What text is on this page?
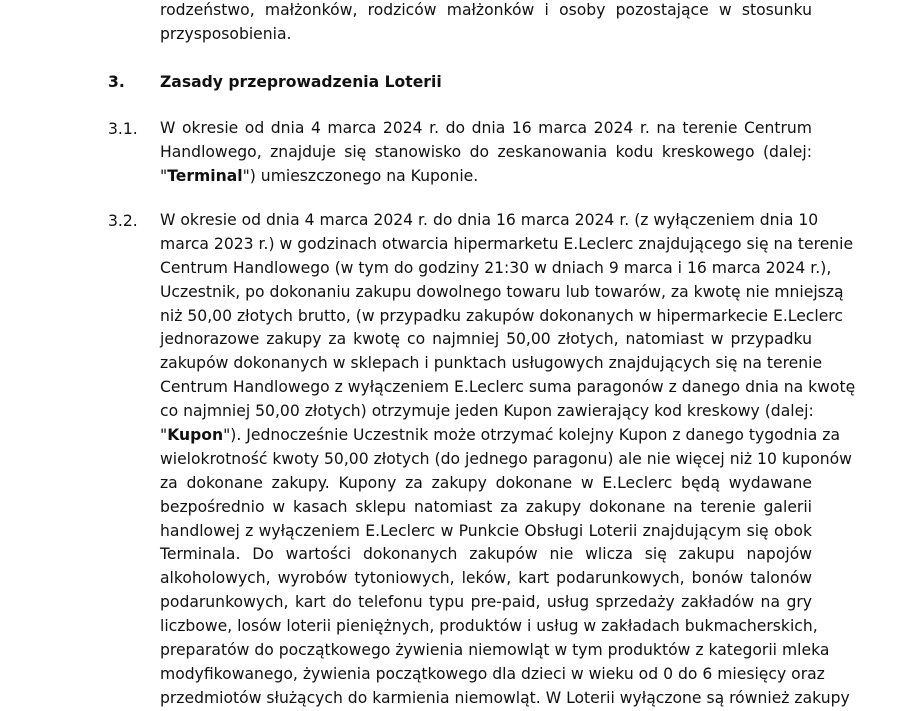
rodzeństwo, małżonków, rodziców małżonków i osoby pozostające w stosunku
przysposobienia.
3. Zasady przeprowadzenia Loterii
3.1. W okresie od dnia 4 marca 2024 r. do dnia 16 marca 2024 r. na terenie Centrum
Handlowego, znajduje się stanowisko do zeskanowania kodu kreskowego (dalej:
"Terminal") umieszczonego na Kuponie.
3.2. W okresie od dnia 4 marca 2024 r. do dnia 16 marca 2024 r. (z wyłączeniem dnia 10
marca 2023 r.) w godzinach otwarcia hipermarketu E.Leclerc znajdującego się na terenie
Centrum Handlowego (w tym do godziny 21:30 w dniach 9 marca i 16 marca 2024 r.),
Uczestnik, po dokonaniu zakupu dowolnego towaru lub towarów, za kwotę nie mniejszą
niż 50,00 złotych brutto, (w przypadku zakupów dokonanych w hipermarkecie E.Leclerc
jednorazowe zakupy za kwotę co najmniej 50,00 złotych, natomiast w przypadku
zakupów dokonanych w sklepach i punktach usługowych znajdujących się na terenie
Centrum Handlowego z wyłączeniem E.Leclerc suma paragonów z danego dnia na kwotę
co najmniej 50,00 złotych) otrzymuje jeden Kupon zawierający kod kreskowy (dalej:
"Kupon"). Jednocześnie Uczestnik może otrzymać kolejny Kupon z danego tygodnia za
wielokrotność kwoty 50,00 złotych (do jednego paragonu) ale nie więcej niż 10 kuponów
za dokonane zakupy. Kupony za zakupy dokonane w E.Leclerc będą wydawane
bezpośrednio w kasach sklepu natomiast za zakupy dokonane na terenie galerii
handlowej z wyłączeniem E.Leclerc w Punkcie Obsługi Loterii znajdującym się obok
Terminala. Do wartości dokonanych zakupów nie wlicza się zakupu napojów
alkoholowych, wyrobów tytoniowych, leków, kart podarunkowych, bonów talonów
podarunkowych, kart do telefonu typu pre-paid, usług sprzedaży zakładów na gry
liczbowe, losów loterii pieniężnych, produktów i usług w zakładach bukmacherskich,
preparatów do początkowego żywienia niemowląt w tym produktów z kategorii mleka
modyfikowanego, żywienia początkowego dla dzieci w wieku od 0 do 6 miesięcy oraz
przedmiotów służących do karmienia niemowląt. W Loterii wyłączone są również zakupy
